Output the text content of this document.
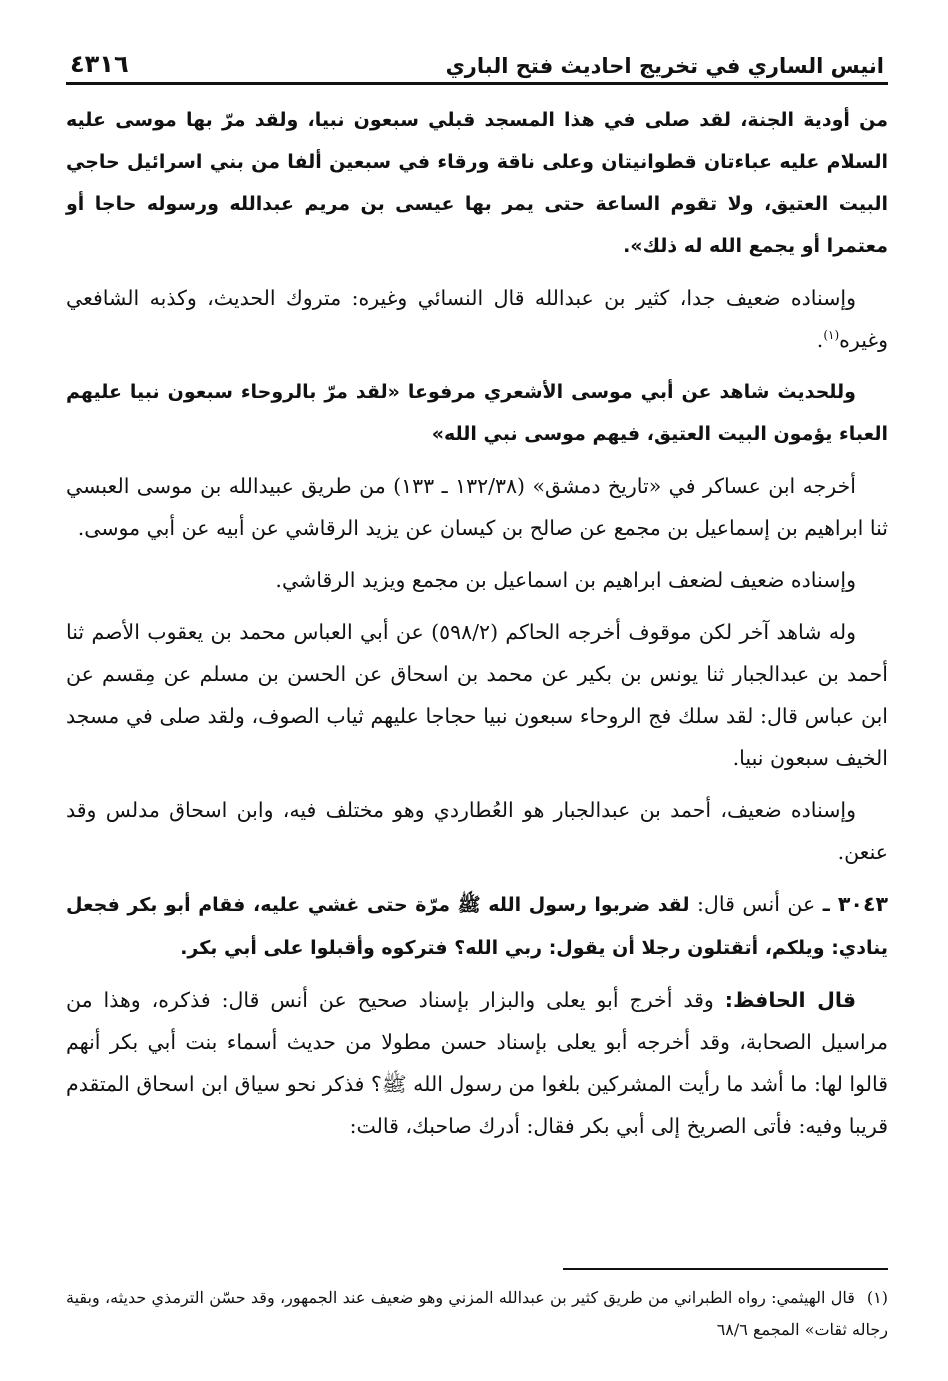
انيس الساري في تخريج احاديث فتح الباري
٤٣١٦

من أودية الجنة، لقد صلى في هذا المسجد قبلي سبعون نبيا، ولقد مرّ بها موسى عليه السلام عليه عباءتان قطوانيتان وعلى ناقة ورقاء في سبعين ألفا من بني اسرائيل حاجي البيت العتيق، ولا تقوم الساعة حتى يمر بها عيسى بن مريم عبدالله ورسوله حاجا أو معتمرا أو يجمع الله له ذلك».

وإسناده ضعيف جدا، كثير بن عبدالله قال النسائي وغيره: متروك الحديث، وكذبه الشافعي وغيره$^{(١)}$.

وللحديث شاهد عن أبي موسى الأشعري مرفوعا «لقد مرّ بالروحاء سبعون نبيا عليهم العباء يؤمون البيت العتيق، فيهم موسى نبي الله»

أخرجه ابن عساكر في «تاريخ دمشق» (١٣٢/٣٨ ـ ١٣٣) من طريق عبيدالله بن موسى العبسي ثنا ابراهيم بن إسماعيل بن مجمع عن صالح بن كيسان عن يزيد الرقاشي عن أبيه عن أبي موسى.

وإسناده ضعيف لضعف ابراهيم بن اسماعيل بن مجمع ويزيد الرقاشي.

وله شاهد آخر لكن موقوف أخرجه الحاكم (٥٩٨/٢) عن أبي العباس محمد بن يعقوب الأصم ثنا أحمد بن عبدالجبار ثنا يونس بن بكير عن محمد بن اسحاق عن الحسن بن مسلم عن مِقسم عن ابن عباس قال: لقد سلك فج الروحاء سبعون نبيا حجاجا عليهم ثياب الصوف، ولقد صلى في مسجد الخيف سبعون نبيا.

وإسناده ضعيف، أحمد بن عبدالجبار هو العُطاردي وهو مختلف فيه، وابن اسحاق مدلس وقد عنعن.

٣٠٤٣ ـ عن أنس قال: لقد ضربوا رسول الله ﷺ مرّة حتى غشي عليه، فقام أبو بكر فجعل ينادي: ويلكم، أتقتلون رجلا أن يقول: ربي الله؟ فتركوه وأقبلوا على أبي بكر.

قال الحافظ: وقد أخرج أبو يعلى والبزار بإسناد صحيح عن أنس قال: فذكره، وهذا من مراسيل الصحابة، وقد أخرجه أبو يعلى بإسناد حسن مطولا من حديث أسماء بنت أبي بكر أنهم قالوا لها: ما أشد ما رأيت المشركين بلغوا من رسول الله ﷺ؟ فذكر نحو سياق ابن اسحاق المتقدم قريبا وفيه: فأتى الصريخ إلى أبي بكر فقال: أدرك صاحبك، قالت:

(١)قال الهيثمي: رواه الطبراني من طريق كثير بن عبدالله المزني وهو ضعيف عند الجمهور، وقد حسّن الترمذي حديثه، وبقية رجاله ثقات» المجمع ٦٨/٦
